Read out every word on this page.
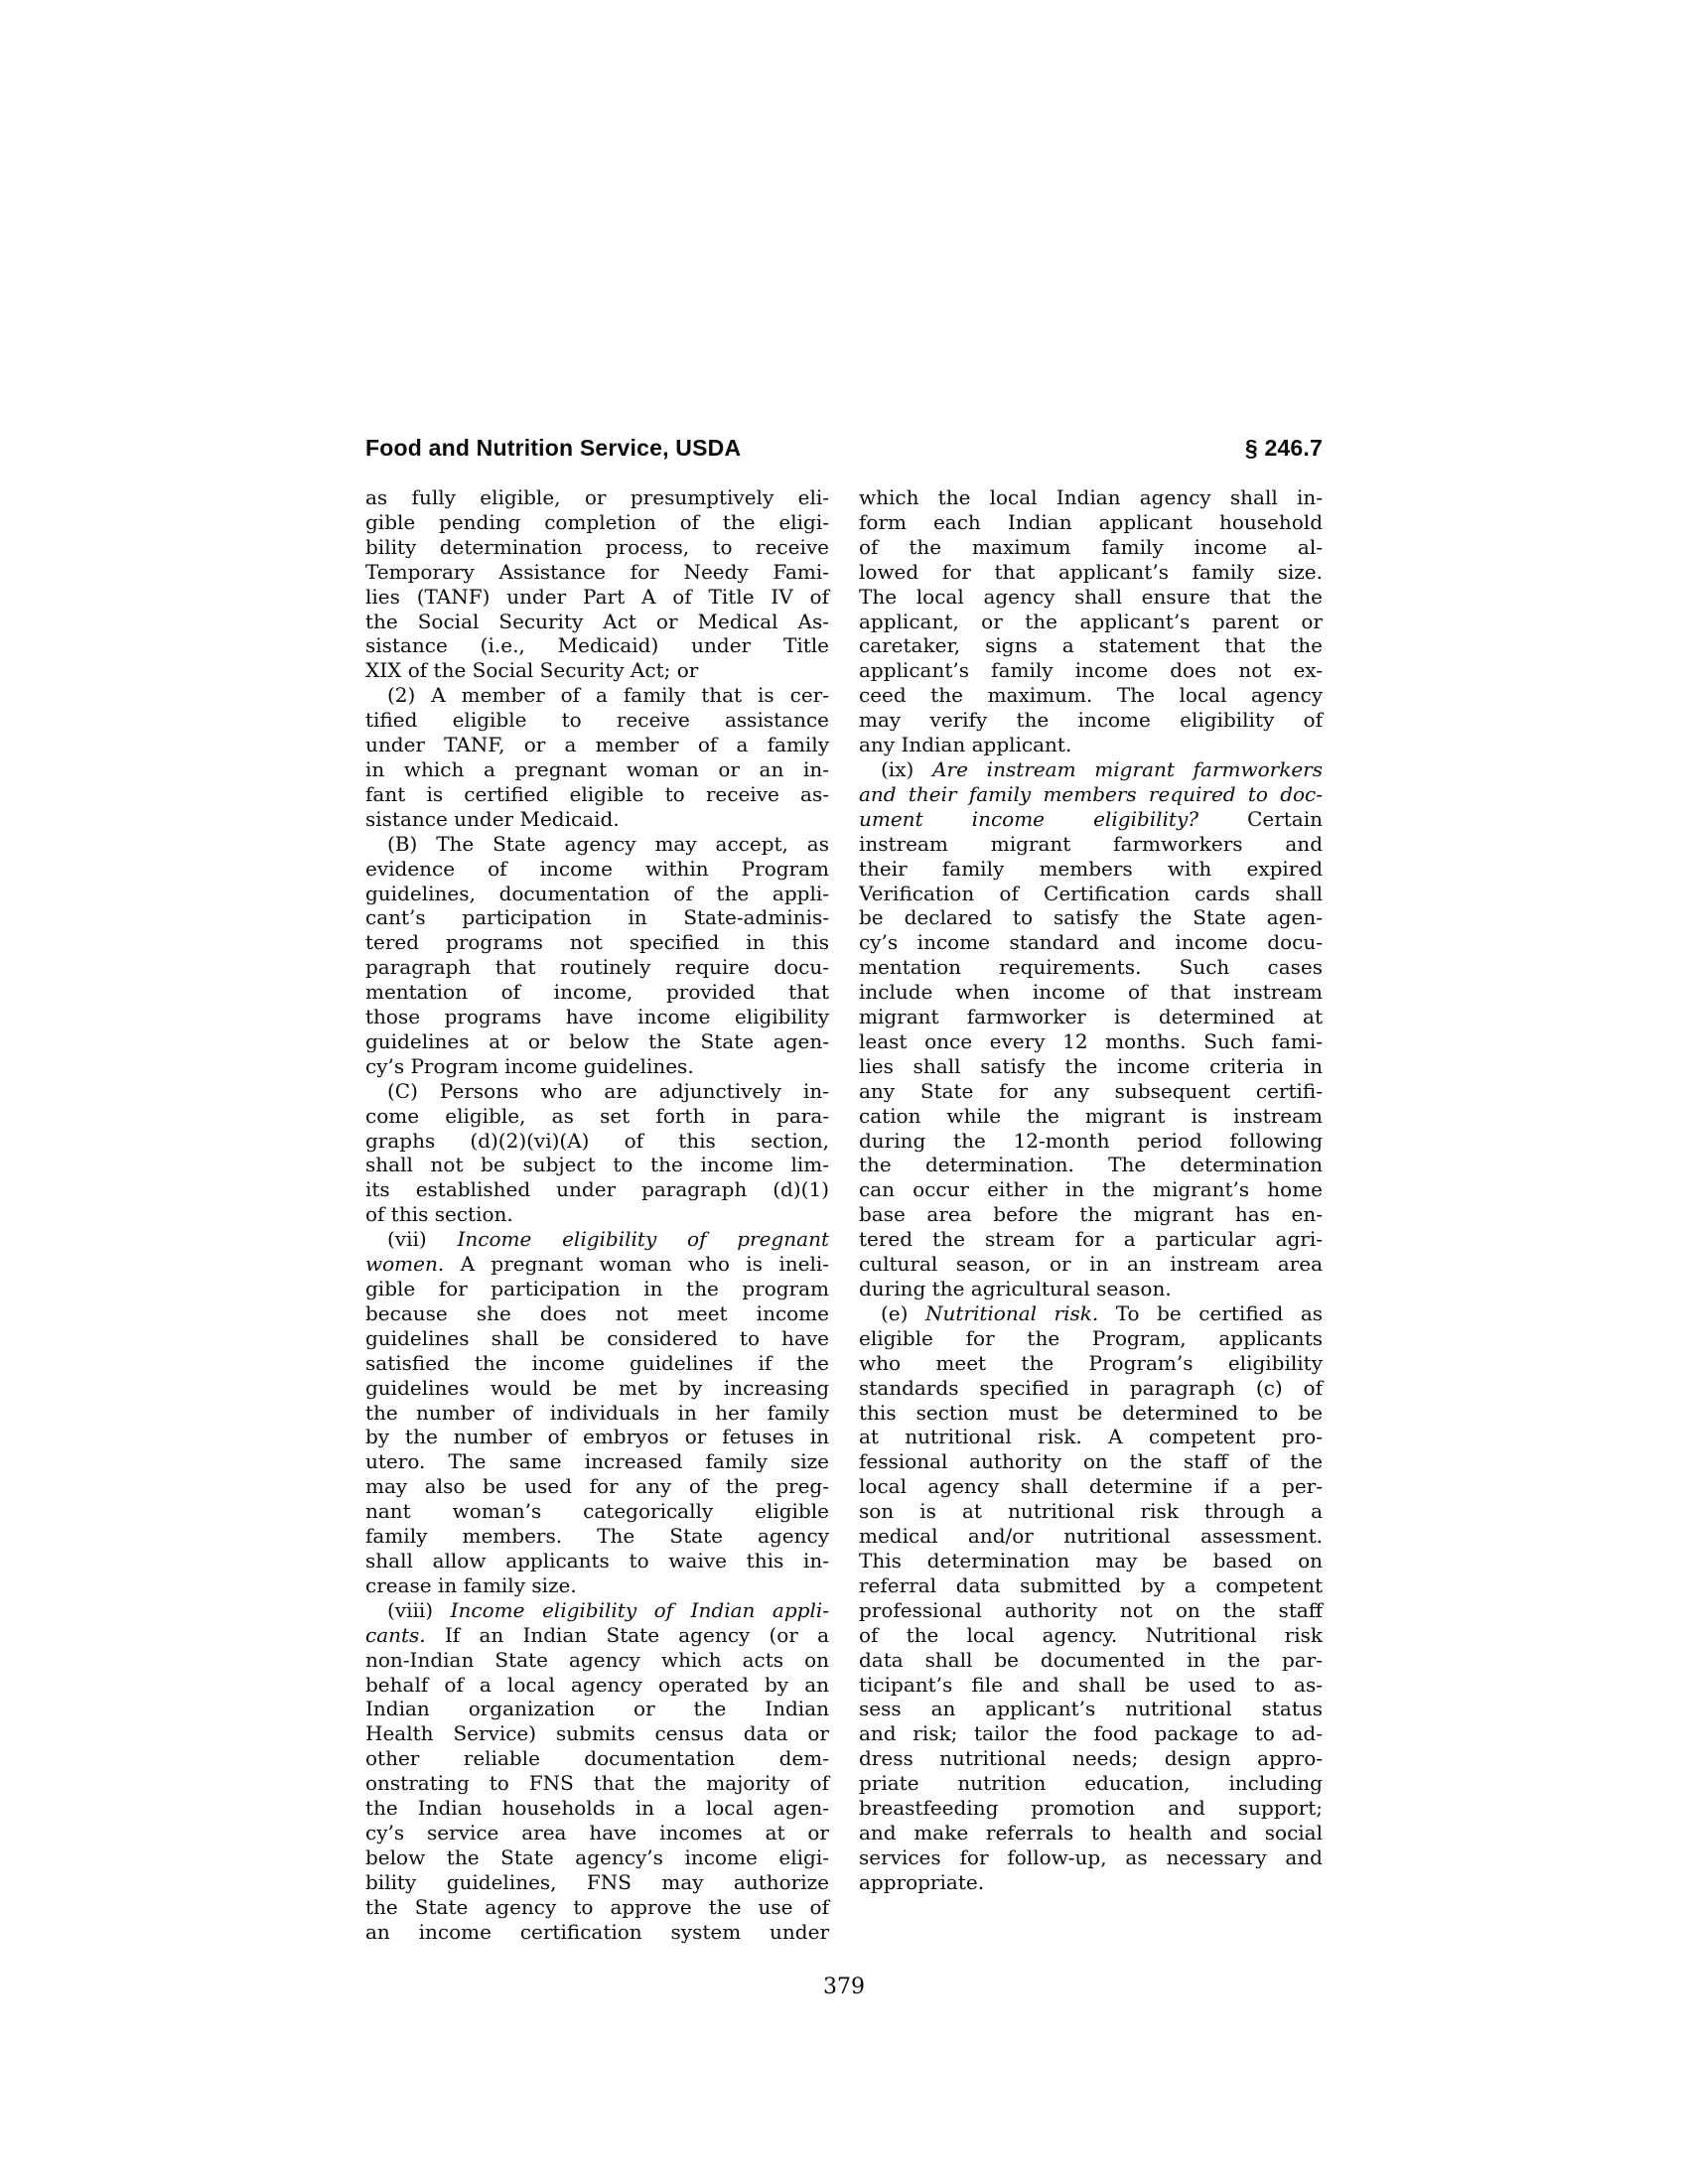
Food and Nutrition Service, USDA	§ 246.7
as fully eligible, or presumptively eli-
gible pending completion of the eligi-
bility determination process, to receive
Temporary Assistance for Needy Fami-
lies (TANF) under Part A of Title IV of
the Social Security Act or Medical As-
sistance (i.e., Medicaid) under Title
XIX of the Social Security Act; or
(2) A member of a family that is cer-
tified eligible to receive assistance
under TANF, or a member of a family
in which a pregnant woman or an in-
fant is certified eligible to receive as-
sistance under Medicaid.
(B) The State agency may accept, as
evidence of income within Program
guidelines, documentation of the appli-
cant’s participation in State-adminis-
tered programs not specified in this
paragraph that routinely require docu-
mentation of income, provided that
those programs have income eligibility
guidelines at or below the State agen-
cy’s Program income guidelines.
(C) Persons who are adjunctively in-
come eligible, as set forth in para-
graphs (d)(2)(vi)(A) of this section,
shall not be subject to the income lim-
its established under paragraph (d)(1)
of this section.
(vii) Income eligibility of pregnant
women. A pregnant woman who is ineli-
gible for participation in the program
because she does not meet income
guidelines shall be considered to have
satisfied the income guidelines if the
guidelines would be met by increasing
the number of individuals in her family
by the number of embryos or fetuses in
utero. The same increased family size
may also be used for any of the preg-
nant woman’s categorically eligible
family members. The State agency
shall allow applicants to waive this in-
crease in family size.
(viii) Income eligibility of Indian appli-
cants. If an Indian State agency (or a
non-Indian State agency which acts on
behalf of a local agency operated by an
Indian organization or the Indian
Health Service) submits census data or
other reliable documentation dem-
onstrating to FNS that the majority of
the Indian households in a local agen-
cy’s service area have incomes at or
below the State agency’s income eligi-
bility guidelines, FNS may authorize
the State agency to approve the use of
an income certification system under
which the local Indian agency shall in-
form each Indian applicant household
of the maximum family income al-
lowed for that applicant’s family size.
The local agency shall ensure that the
applicant, or the applicant’s parent or
caretaker, signs a statement that the
applicant’s family income does not ex-
ceed the maximum. The local agency
may verify the income eligibility of
any Indian applicant.
(ix) Are instream migrant farmworkers
and their family members required to doc-
ument income eligibility? Certain
instream migrant farmworkers and
their family members with expired
Verification of Certification cards shall
be declared to satisfy the State agen-
cy’s income standard and income docu-
mentation requirements. Such cases
include when income of that instream
migrant farmworker is determined at
least once every 12 months. Such fami-
lies shall satisfy the income criteria in
any State for any subsequent certifi-
cation while the migrant is instream
during the 12-month period following
the determination. The determination
can occur either in the migrant’s home
base area before the migrant has en-
tered the stream for a particular agri-
cultural season, or in an instream area
during the agricultural season.
(e) Nutritional risk. To be certified as
eligible for the Program, applicants
who meet the Program’s eligibility
standards specified in paragraph (c) of
this section must be determined to be
at nutritional risk. A competent pro-
fessional authority on the staff of the
local agency shall determine if a per-
son is at nutritional risk through a
medical and/or nutritional assessment.
This determination may be based on
referral data submitted by a competent
professional authority not on the staff
of the local agency. Nutritional risk
data shall be documented in the par-
ticipant’s file and shall be used to as-
sess an applicant’s nutritional status
and risk; tailor the food package to ad-
dress nutritional needs; design appro-
priate nutrition education, including
breastfeeding promotion and support;
and make referrals to health and social
services for follow-up, as necessary and
appropriate.
379
